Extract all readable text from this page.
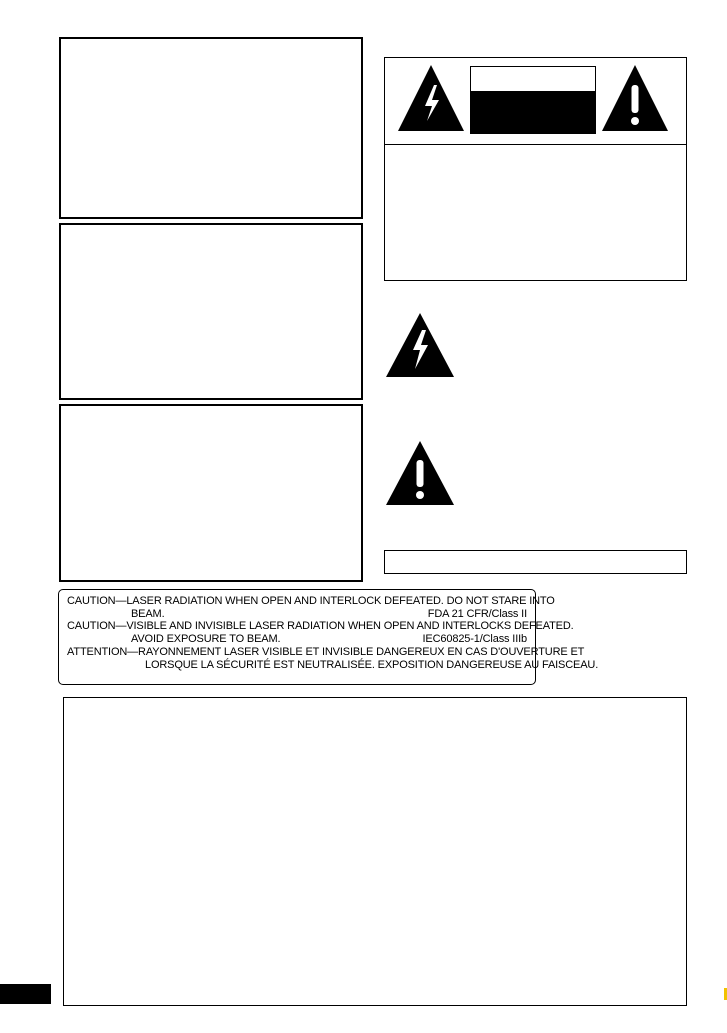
CAUTION — LASER RADIATION WHEN OPEN AND INTERLOCK DEFEATED. DO NOT STARE INTO
BEAM.	FDA 21 CFR/Class II
CAUTION — VISIBLE AND INVISIBLE LASER RADIATION WHEN OPEN AND INTERLOCKS DEFEATED.
AVOID EXPOSURE TO BEAM.	IEC60825-1/Class IIIb
ATTENTION — RAYONNEMENT LASER VISIBLE ET INVISIBLE DANGEREUX EN CAS D'OUVERTURE ET
LORSQUE LA SÉCURITÉ EST NEUTRALISÉE. EXPOSITION DANGEREUSE AU FAISCEAU.
